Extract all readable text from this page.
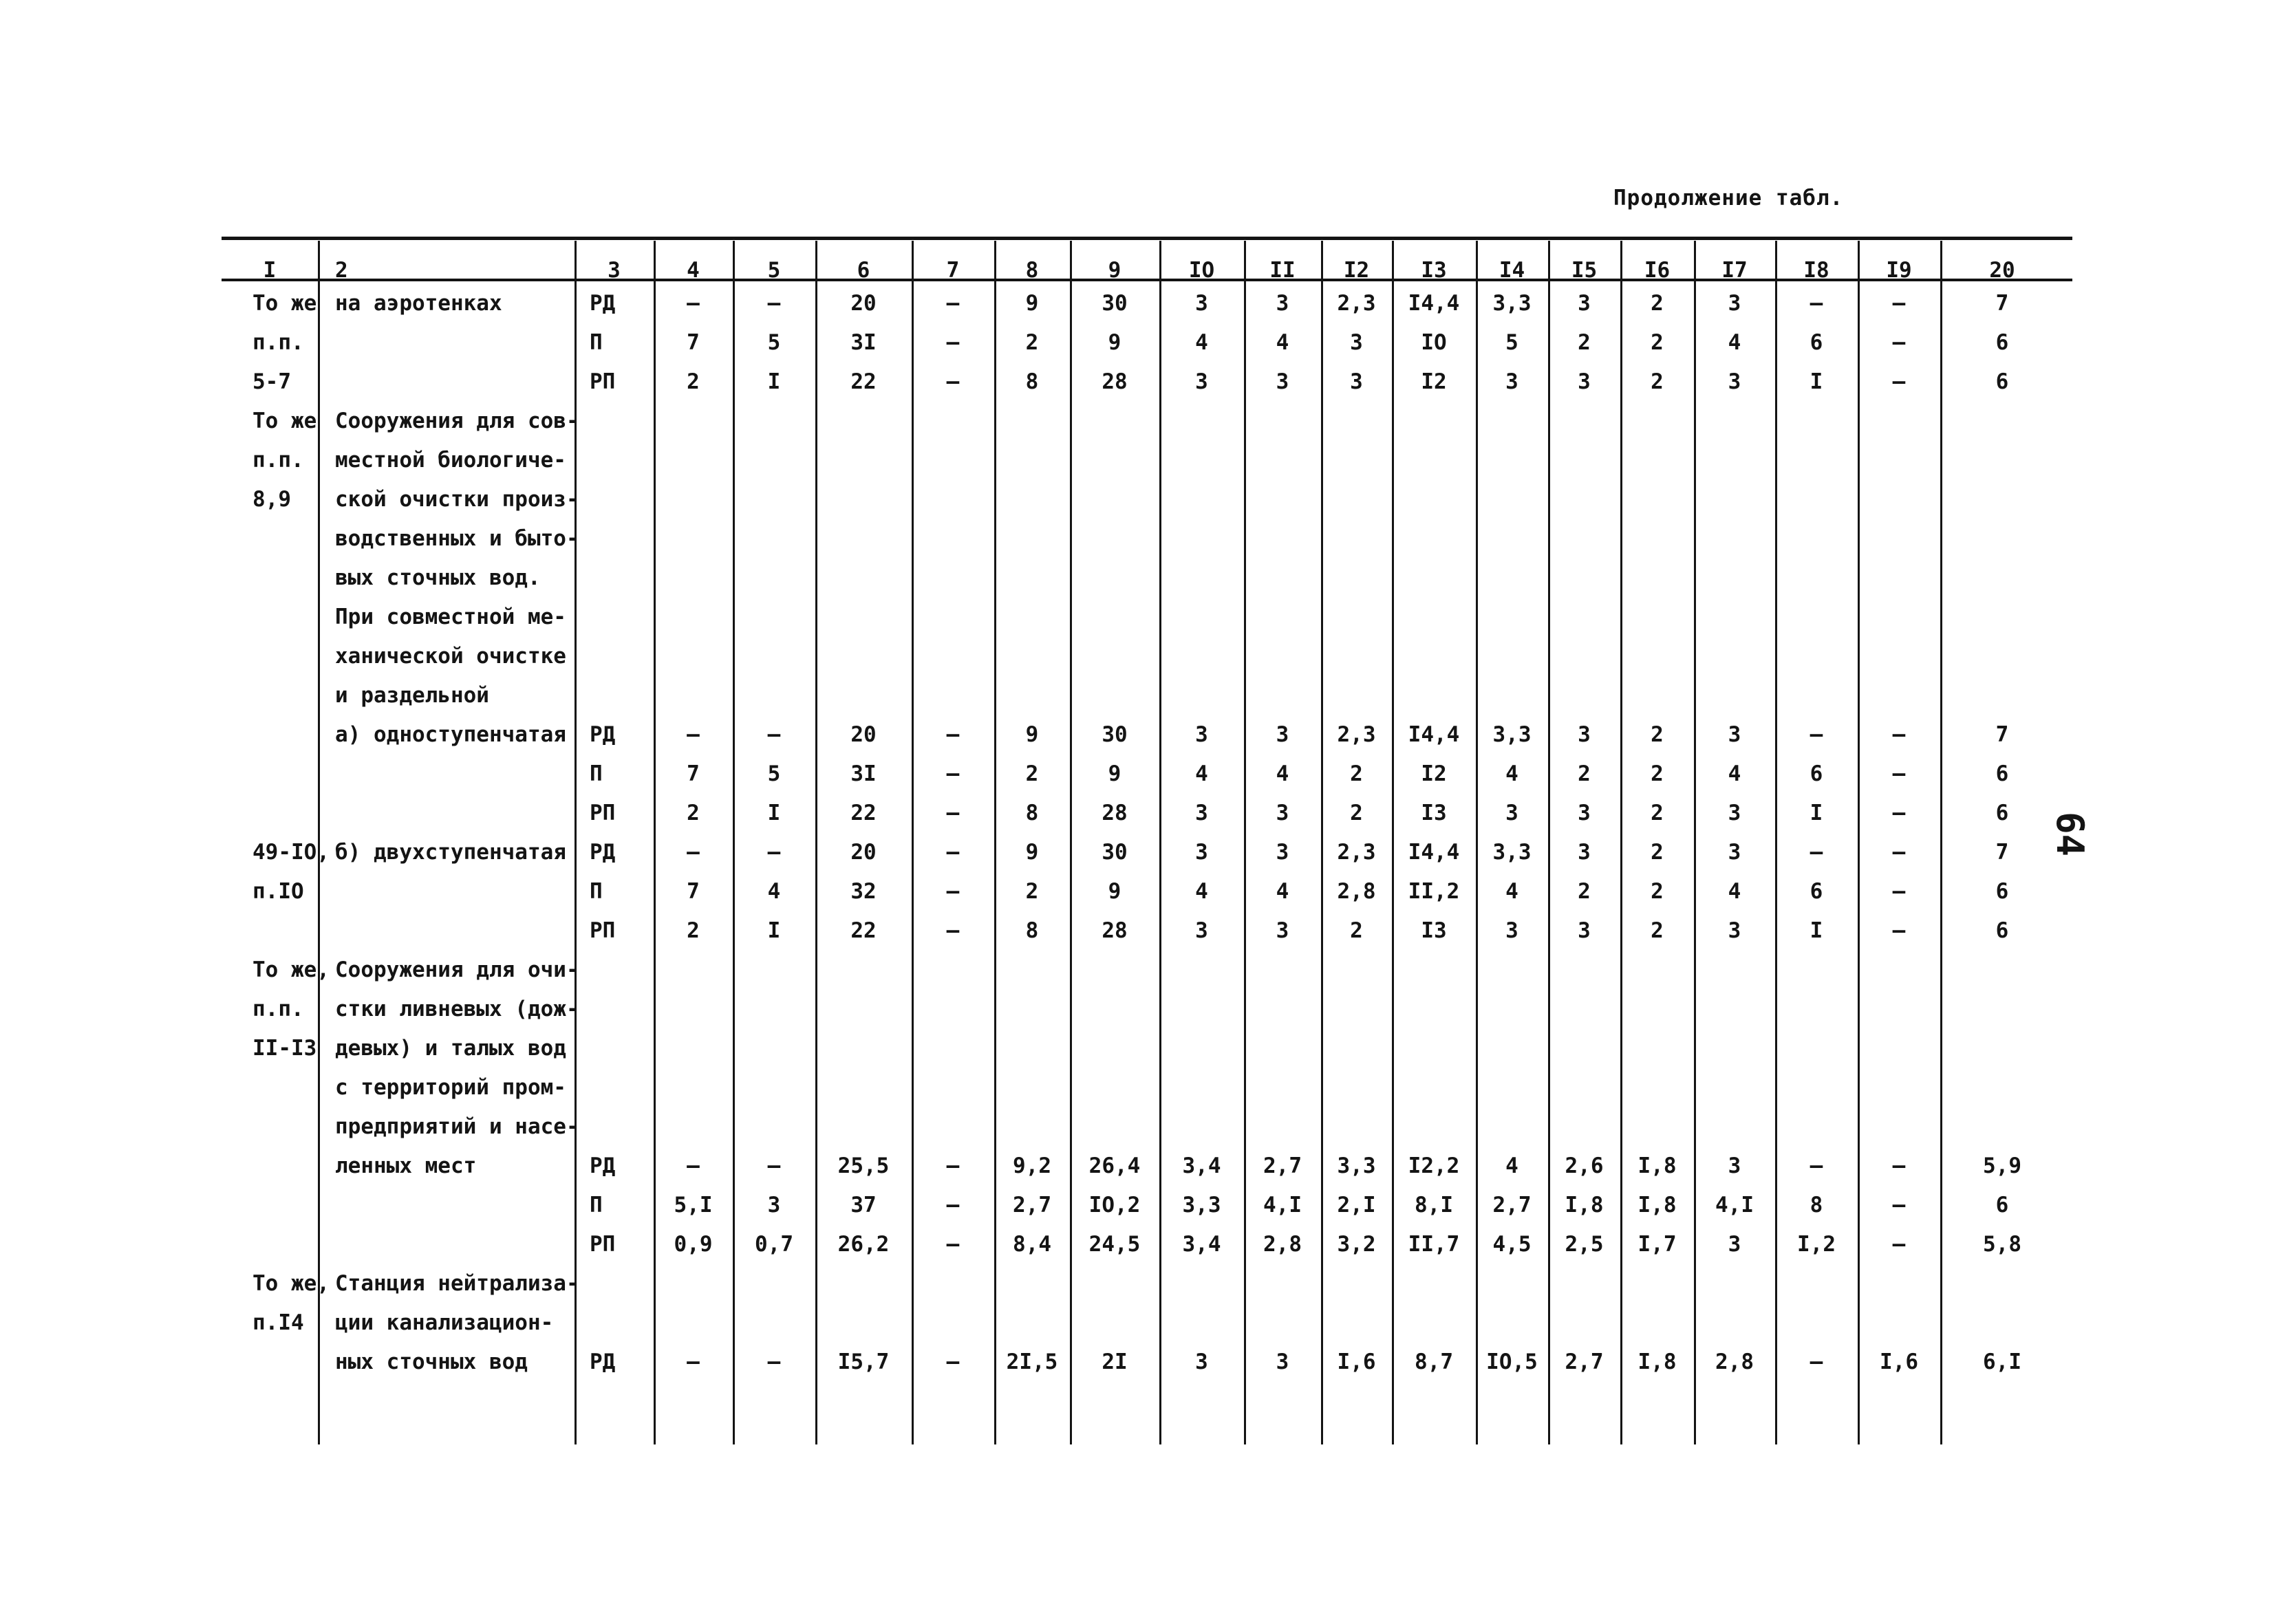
Продолжение табл.
64
I	2	3	4	5	6	7	8	9	IO	II	I2	I3	I4	I5	I6	I7	I8	I9	20
То же на аэротенках	РД	–	–	20	–	9	30	3	3	2,3	I4,4	3,3	3	2	3	–	–	7
п.п.	П	7	5	3I	–	2	9	4	4	3	IO	5	2	2	4	6	–	6
5-7	РП	2	I	22	–	8	28	3	3	3	I2	3	3	2	3	I	–	6
То же Сооружения для сов-
п.п. местной биологиче-
8,9 ской очистки произ-
водственных и быто-
вых сточных вод.
При совместной ме-
ханической очистке
и раздельной
а) одноступенчатая РД	–	–	20	–	9	30	3	3	2,3	I4,4	3,3	3	2	3	–	–	7
П	7	5	3I	–	2	9	4	4	2	I2	4	2	2	4	6	–	6
РП	2	I	22	–	8	28	3	3	2	I3	3	3	2	3	I	–	6
49-IO, б) двухступенчатая РД	–	–	20	–	9	30	3	3	2,3	I4,4	3,3	3	2	3	–	–	7
п.IO	П	7	4	32	–	2	9	4	4	2,8	II,2	4	2	2	4	6	–	6
РП	2	I	22	–	8	28	3	3	2	I3	3	3	2	3	I	–	6
То же, Сооружения для очи-
п.п. стки ливневых (дож-
II-I3 девых) и талых вод
с территорий пром-
предприятий и насе-
ленных мест	РД	–	–	25,5	–	9,2	26,4	3,4	2,7	3,3	I2,2	4	2,6	I,8	3	–	–	5,9
П	5,I	3	37	–	2,7	IO,2	3,3	4,I	2,I	8,I	2,7	I,8	I,8	4,I	8	–	6
РП	0,9	0,7	26,2	–	8,4	24,5	3,4	2,8	3,2	II,7	4,5	2,5	I,7	3	I,2	–	5,8
То же, Станция нейтрализа-
п.I4 ции канализацион-
ных сточных вод	РД	–	–	I5,7	–	2I,5	2I	3	3	I,6	8,7	IO,5	2,7	I,8	2,8	–	I,6	6,I
